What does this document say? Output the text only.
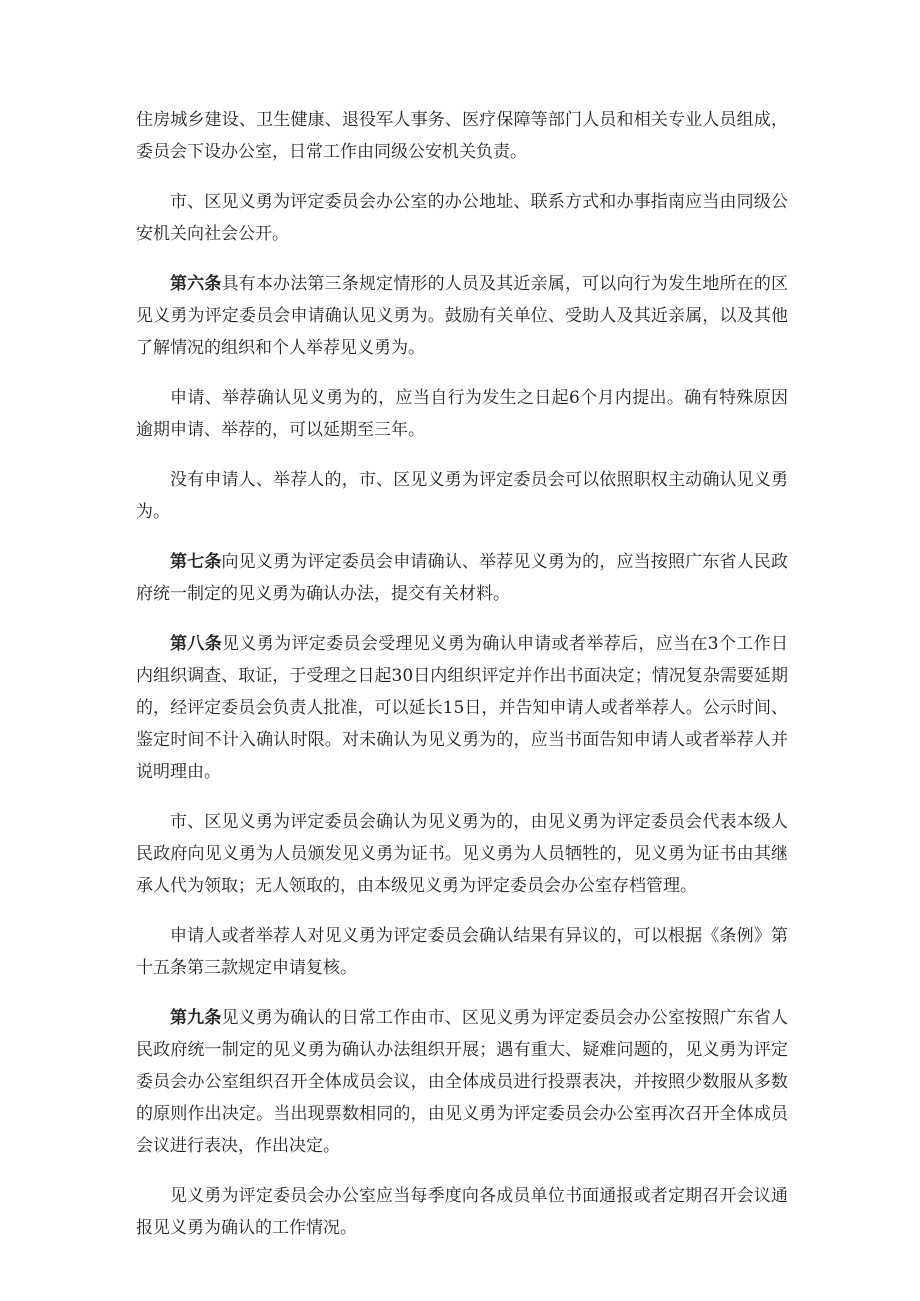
住房城乡建设、卫生健康、退役军人事务、医疗保障等部门人员和相关专业人员组成，委员会下设办公室，日常工作由同级公安机关负责。

市、区见义勇为评定委员会办公室的办公地址、联系方式和办事指南应当由同级公安机关向社会公开。

第六条具有本办法第三条规定情形的人员及其近亲属，可以向行为发生地所在的区见义勇为评定委员会申请确认见义勇为。鼓励有关单位、受助人及其近亲属，以及其他了解情况的组织和个人举荐见义勇为。

申请、举荐确认见义勇为的，应当自行为发生之日起6个月内提出。确有特殊原因逾期申请、举荐的，可以延期至三年。

没有申请人、举荐人的，市、区见义勇为评定委员会可以依照职权主动确认见义勇为。

第七条向见义勇为评定委员会申请确认、举荐见义勇为的，应当按照广东省人民政府统一制定的见义勇为确认办法，提交有关材料。

第八条见义勇为评定委员会受理见义勇为确认申请或者举荐后，应当在3个工作日内组织调查、取证，于受理之日起30日内组织评定并作出书面决定；情况复杂需要延期的，经评定委员会负责人批准，可以延长15日，并告知申请人或者举荐人。公示时间、鉴定时间不计入确认时限。对未确认为见义勇为的，应当书面告知申请人或者举荐人并说明理由。

市、区见义勇为评定委员会确认为见义勇为的，由见义勇为评定委员会代表本级人民政府向见义勇为人员颁发见义勇为证书。见义勇为人员牺牲的，见义勇为证书由其继承人代为领取；无人领取的，由本级见义勇为评定委员会办公室存档管理。

申请人或者举荐人对见义勇为评定委员会确认结果有异议的，可以根据《条例》第十五条第三款规定申请复核。

第九条见义勇为确认的日常工作由市、区见义勇为评定委员会办公室按照广东省人民政府统一制定的见义勇为确认办法组织开展；遇有重大、疑难问题的，见义勇为评定委员会办公室组织召开全体成员会议，由全体成员进行投票表决，并按照少数服从多数的原则作出决定。当出现票数相同的，由见义勇为评定委员会办公室再次召开全体成员会议进行表决，作出决定。

见义勇为评定委员会办公室应当每季度向各成员单位书面通报或者定期召开会议通报见义勇为确认的工作情况。
